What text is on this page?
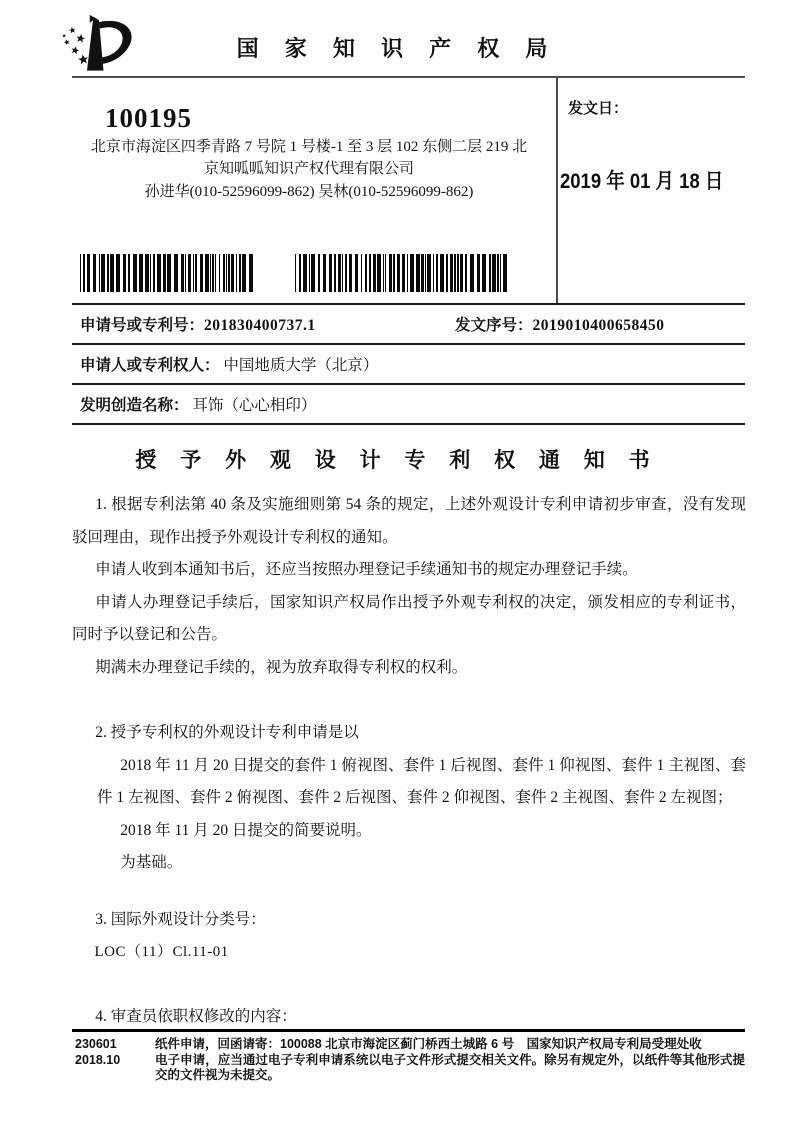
国 家 知 识 产 权 局
100195
北京市海淀区四季青路 7 号院 1 号楼-1 至 3 层 102 东侧二层 219 北
京知呱呱知识产权代理有限公司
孙进华(010-52596099-862) 吴林(010-52596099-862)
发文日：
2019 年 01 月 18 日
申请号或专利号：201830400737.1	发文序号：2019010400658450
申请人或专利权人：
中国地质大学（北京）
发明创造名称：
耳饰（心心相印）
授 予 外 观 设 计 专 利 权 通 知 书

1. 根据专利法第 40 条及实施细则第 54 条的规定，上述外观设计专利申请初步审查，没有发现驳回理由，现作出授予外观设计专利权的通知。

申请人收到本通知书后，还应当按照办理登记手续通知书的规定办理登记手续。

申请人办理登记手续后，国家知识产权局作出授予外观专利权的决定，颁发相应的专利证书，同时予以登记和公告。

期满未办理登记手续的，视为放弃取得专利权的权利。

2. 授予专利权的外观设计专利申请是以

2018 年 11 月 20 日提交的套件 1 俯视图、套件 1 后视图、套件 1 仰视图、套件 1 主视图、套件 1 左视图、套件 2 俯视图、套件 2 后视图、套件 2 仰视图、套件 2 主视图、套件 2 左视图；

2018 年 11 月 20 日提交的简要说明。

为基础。

3. 国际外观设计分类号：

LOC（11）Cl.11-01

4. 审查员依职权修改的内容：

230601
2018.10
纸件申请，回函请寄：100088 北京市海淀区蓟门桥西土城路 6 号　国家知识产权局专利局受理处收
电子申请，应当通过电子专利申请系统以电子文件形式提交相关文件。除另有规定外，以纸件等其他形式提交的文件视为未提交。
